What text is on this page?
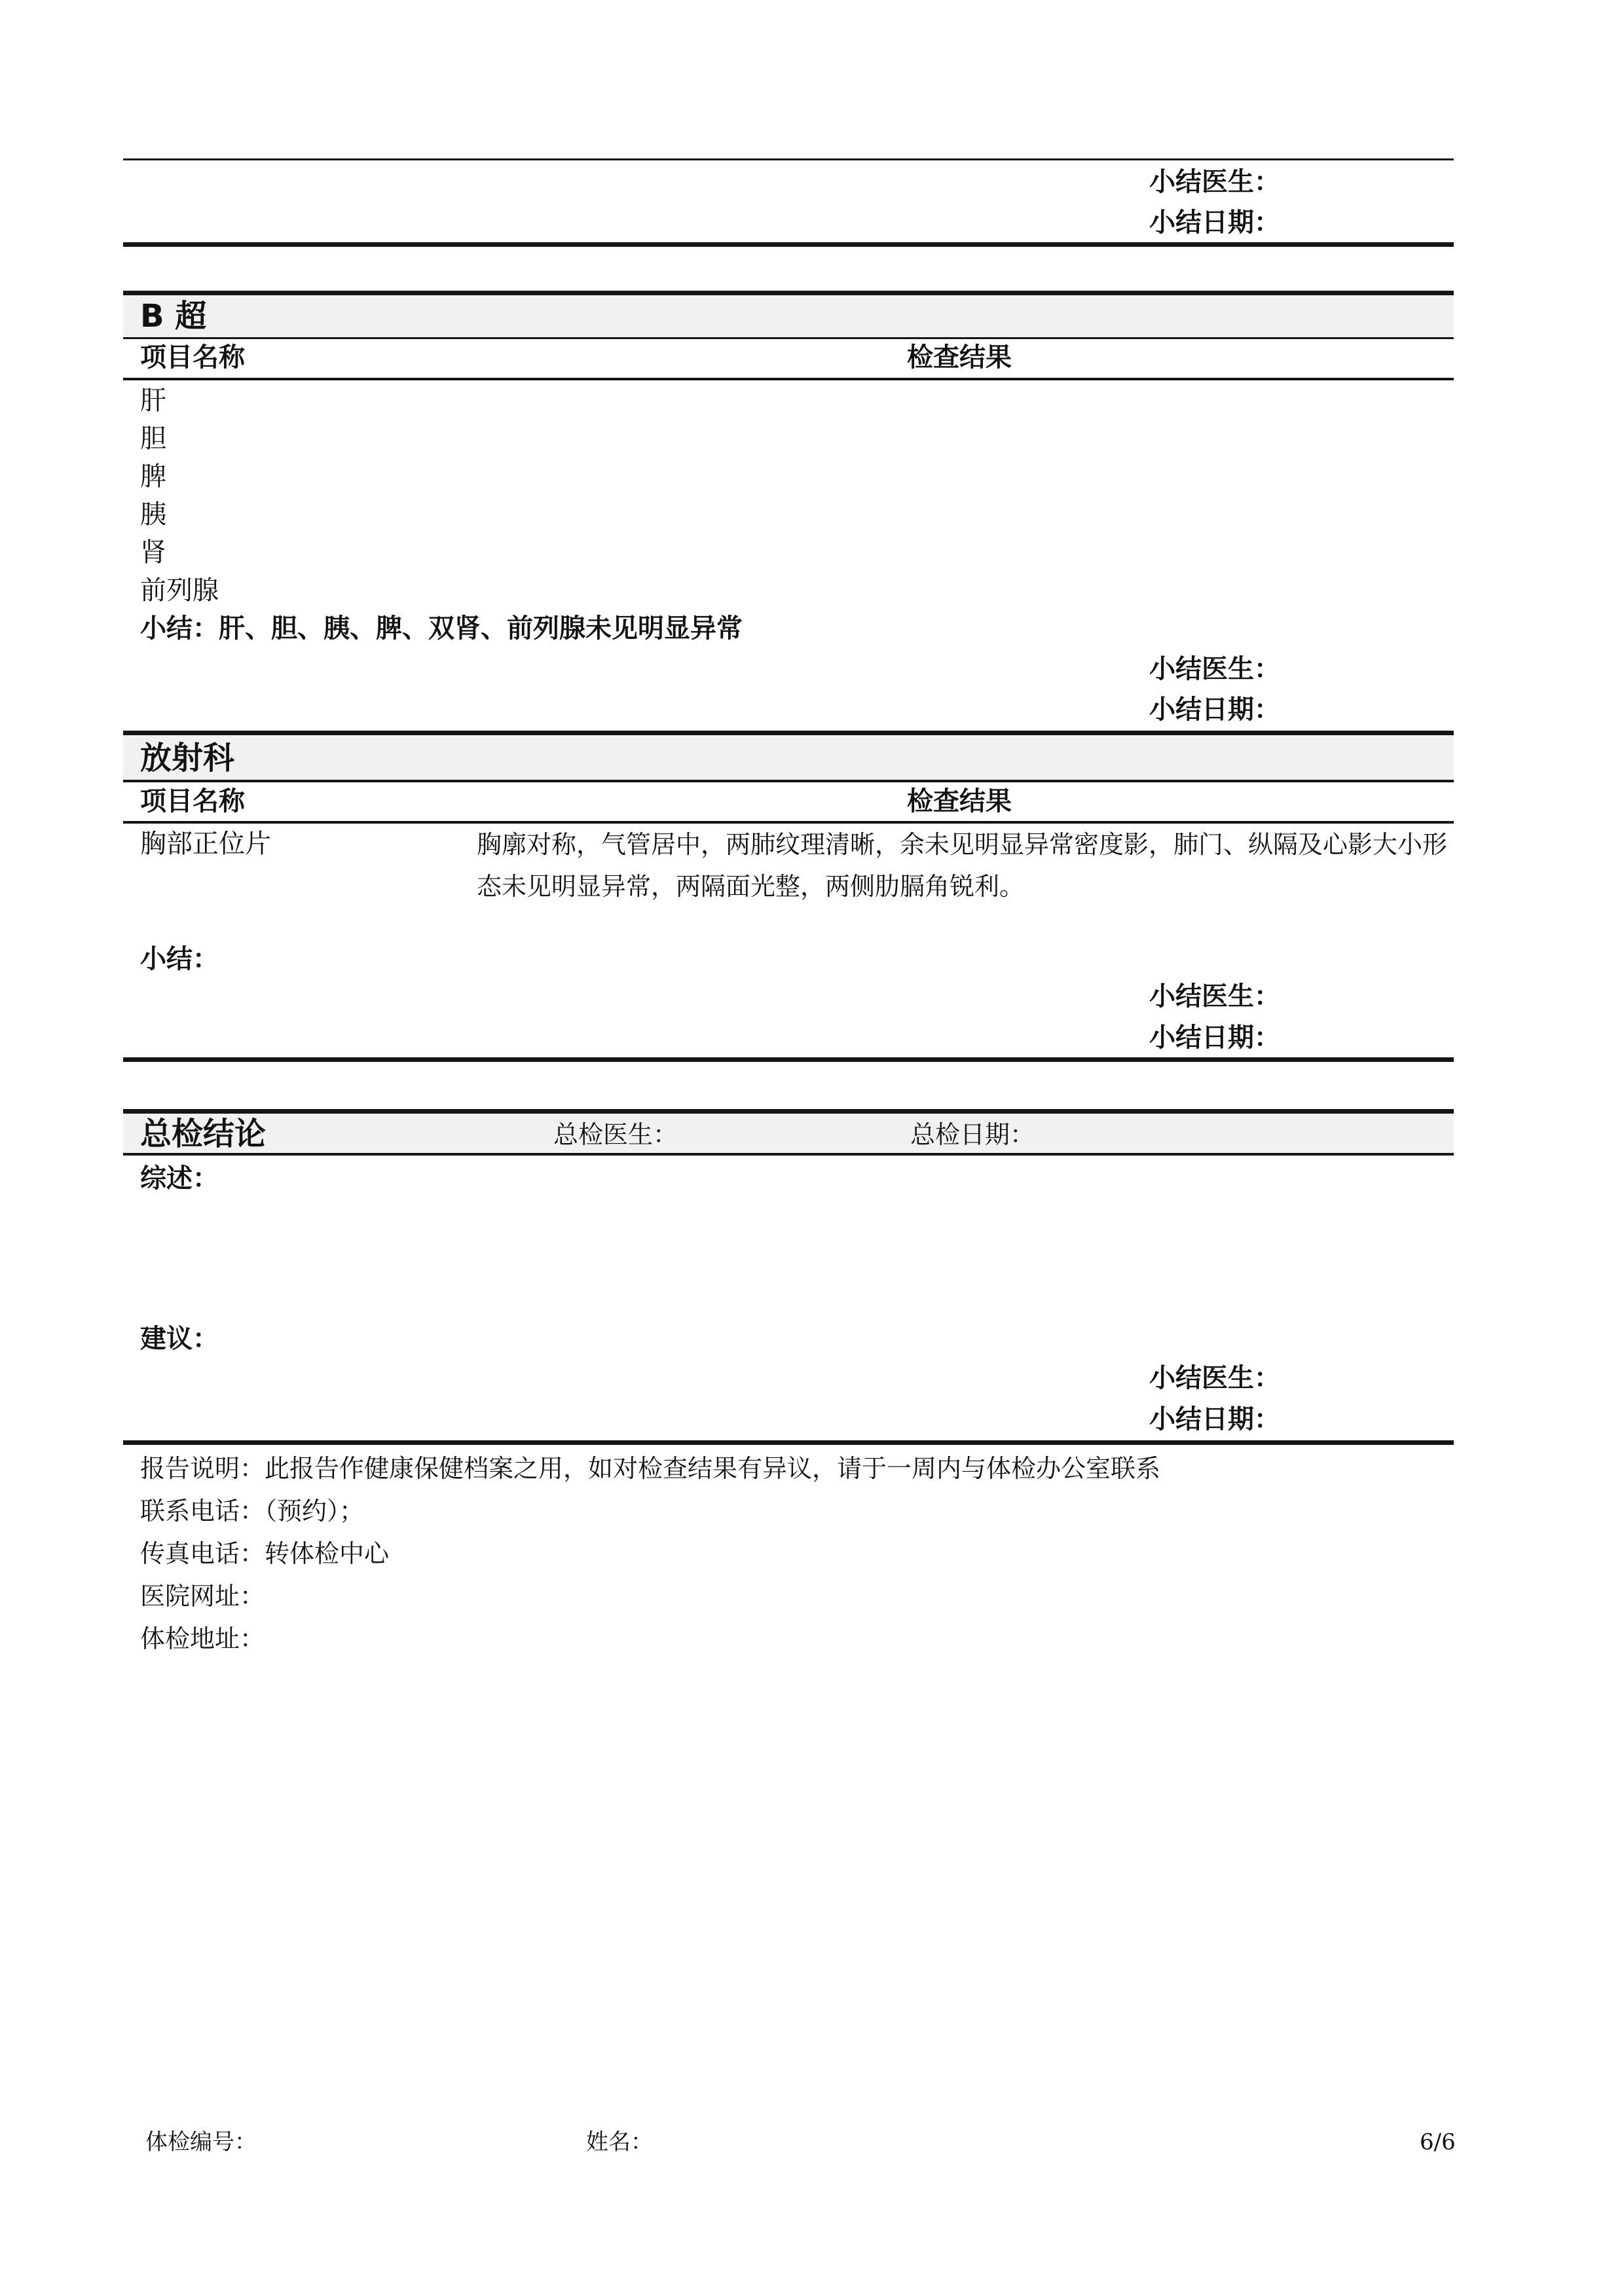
小结医生：
小结日期：
B 超
项目名称	检查结果
肝
胆
脾
胰
肾
前列腺
小结：肝、胆、胰、脾、双肾、前列腺未见明显异常
小结医生：
小结日期：
放射科
项目名称	检查结果
胸部正位片	胸廓对称，气管居中，两肺纹理清晰，余未见明显异常密度影，肺门、纵隔及心影大小形态未见明显异常，两隔面光整，两侧肋膈角锐利。
小结：
小结医生：
小结日期：
总检结论	总检医生：	总检日期：
综述：
建议：
小结医生：
小结日期：
报告说明：此报告作健康保健档案之用，如对检查结果有异议，请于一周内与体检办公室联系
联系电话：（预约）；
传真电话：转体检中心
医院网址：
体检地址：
体检编号：	姓名：	6/6
